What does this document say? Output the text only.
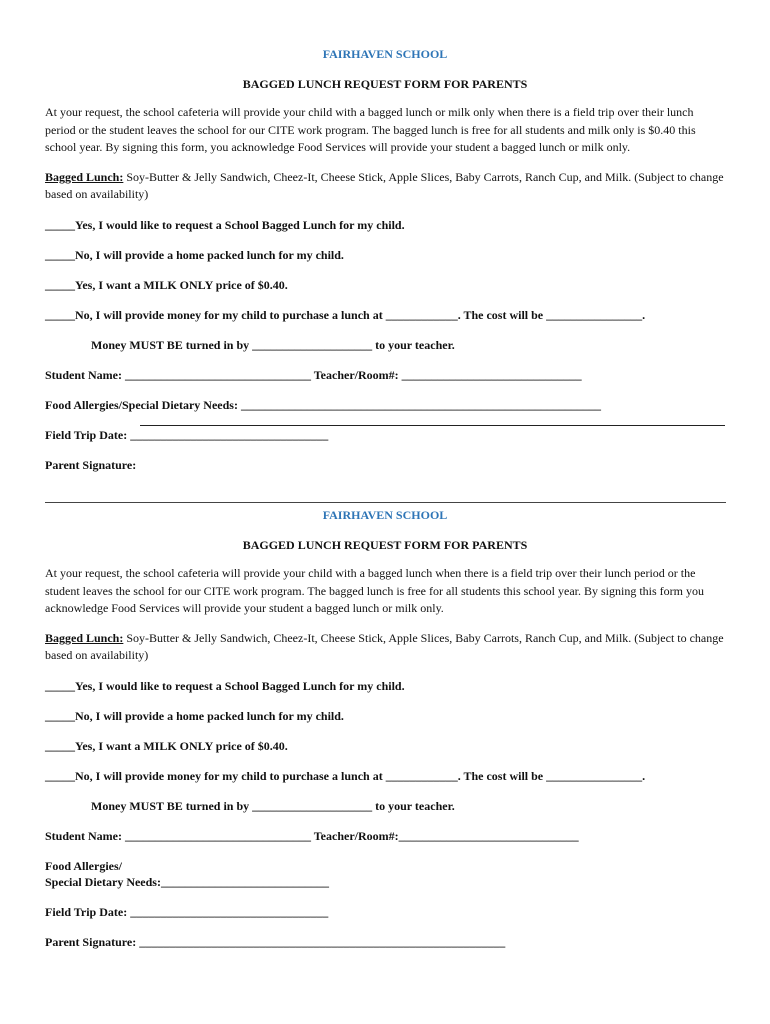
FAIRHAVEN SCHOOL

BAGGED LUNCH REQUEST FORM FOR PARENTS

At your request, the school cafeteria will provide your child with a bagged lunch or milk only when there is a field trip over their lunch period or the student leaves the school for our CITE work program. The bagged lunch is free for all students and milk only is $0.40 this school year. By signing this form, you acknowledge Food Services will provide your student a bagged lunch or milk only.

Bagged Lunch: Soy-Butter & Jelly Sandwich, Cheez-It, Cheese Stick, Apple Slices, Baby Carrots, Ranch Cup, and Milk. (Subject to change based on availability)

_____Yes, I would like to request a School Bagged Lunch for my child.

_____No, I will provide a home packed lunch for my child.

_____Yes, I want a MILK ONLY price of $0.40.

_____No, I will provide money for my child to purchase a lunch at ____________. The cost will be ________________.

Money MUST BE turned in by ____________________ to your teacher.

Student Name: _______________________________ Teacher/Room#: ______________________________

Food Allergies/Special Dietary Needs: ____________________________________________________________

Field Trip Date: _________________________________

Parent Signature:

FAIRHAVEN SCHOOL

BAGGED LUNCH REQUEST FORM FOR PARENTS

At your request, the school cafeteria will provide your child with a bagged lunch when there is a field trip over their lunch period or the student leaves the school for our CITE work program. The bagged lunch is free for all students this school year. By signing this form you acknowledge Food Services will provide your student a bagged lunch or milk only.

Bagged Lunch: Soy-Butter & Jelly Sandwich, Cheez-It, Cheese Stick, Apple Slices, Baby Carrots, Ranch Cup, and Milk. (Subject to change based on availability)

_____Yes, I would like to request a School Bagged Lunch for my child.

_____No, I will provide a home packed lunch for my child.

_____Yes, I want a MILK ONLY price of $0.40.

_____No, I will provide money for my child to purchase a lunch at ____________. The cost will be ________________.

Money MUST BE turned in by ____________________ to your teacher.

Student Name: _______________________________ Teacher/Room#:______________________________

Food Allergies/

Special Dietary Needs:____________________________

Field Trip Date: _________________________________

Parent Signature: _____________________________________________________________
